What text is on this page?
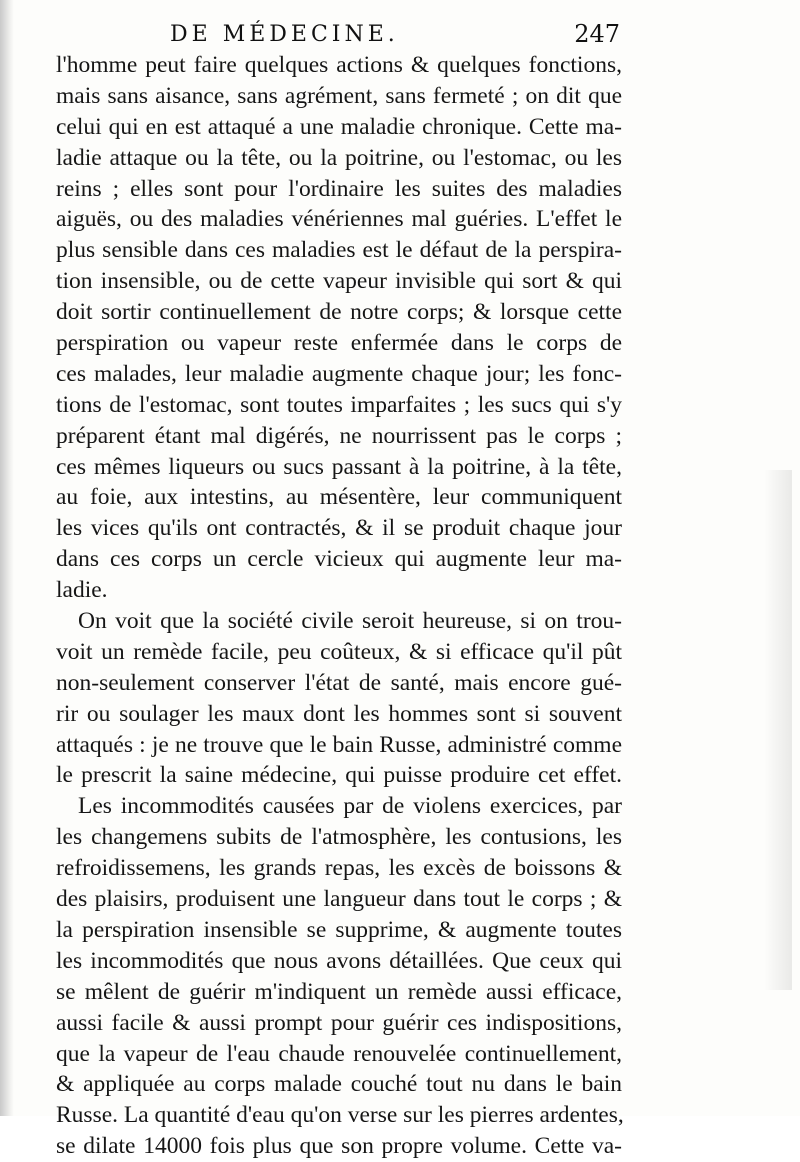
DE MÉDECINE.	247
l'homme peut faire quelques actions & quelques fonctions,
mais sans aisance, sans agrément, sans fermeté ; on dit que
celui qui en est attaqué a une maladie chronique. Cette ma-
ladie attaque ou la tête, ou la poitrine, ou l'estomac, ou les
reins ; elles sont pour l'ordinaire les suites des maladies
aiguës, ou des maladies vénériennes mal guéries. L'effet le
plus sensible dans ces maladies est le défaut de la perspira-
tion insensible, ou de cette vapeur invisible qui sort & qui
doit sortir continuellement de notre corps; & lorsque cette
perspiration ou vapeur reste enfermée dans le corps de
ces malades, leur maladie augmente chaque jour; les fonc-
tions de l'estomac, sont toutes imparfaites ; les sucs qui s'y
préparent étant mal digérés, ne nourrissent pas le corps ;
ces mêmes liqueurs ou sucs passant à la poitrine, à la tête,
au foie, aux intestins, au mésentère, leur communiquent
les vices qu'ils ont contractés, & il se produit chaque jour
dans ces corps un cercle vicieux qui augmente leur ma-
ladie.
On voit que la société civile seroit heureuse, si on trou-
voit un remède facile, peu coûteux, & si efficace qu'il pût
non-seulement conserver l'état de santé, mais encore gué-
rir ou soulager les maux dont les hommes sont si souvent
attaqués : je ne trouve que le bain Russe, administré comme
le prescrit la saine médecine, qui puisse produire cet effet.
Les incommodités causées par de violens exercices, par
les changemens subits de l'atmosphère, les contusions, les
refroidissemens, les grands repas, les excès de boissons &
des plaisirs, produisent une langueur dans tout le corps ; &
la perspiration insensible se supprime, & augmente toutes
les incommodités que nous avons détaillées. Que ceux qui
se mêlent de guérir m'indiquent un remède aussi efficace,
aussi facile & aussi prompt pour guérir ces indispositions,
que la vapeur de l'eau chaude renouvelée continuellement,
& appliquée au corps malade couché tout nu dans le bain
Russe. La quantité d'eau qu'on verse sur les pierres ardentes,
se dilate 14000 fois plus que son propre volume. Cette va-
